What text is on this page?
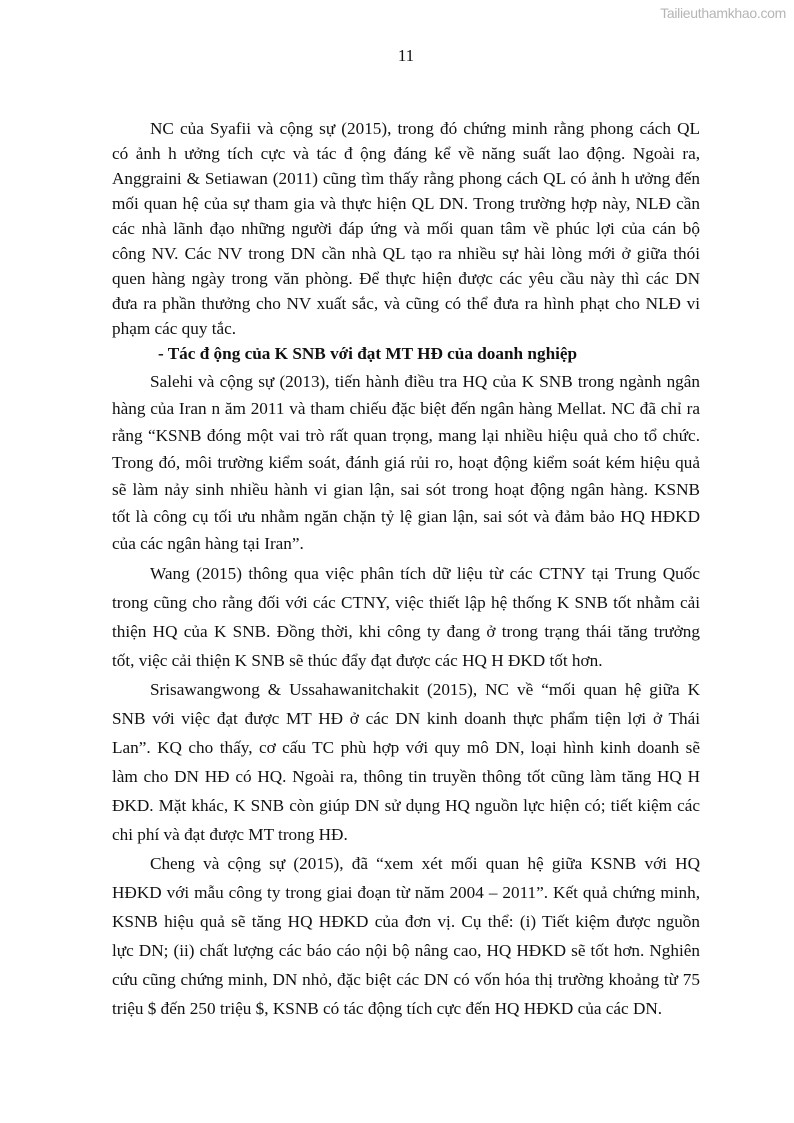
Tailieuthamkhao.com
11
NC của Syafii và cộng sự (2015), trong đó chứng minh rằng phong cách QL
có ảnh h ưởng tích cực và tác đ ộng đáng kể về năng suất lao động. Ngoài ra,
Anggraini & Setiawan (2011) cũng tìm thấy rằng phong cách QL có ảnh h ưởng đến
mối quan hệ của sự tham gia và thực hiện QL DN. Trong trường hợp này, NLĐ cần
các nhà lãnh đạo những người đáp ứng và mối quan tâm về phúc lợi của cán bộ
công NV. Các NV trong DN cần nhà QL tạo ra nhiều sự hài lòng mới ở giữa thói
quen hàng ngày trong văn phòng. Để thực hiện được các yêu cầu này thì các DN
đưa ra phần thưởng cho NV xuất sắc, và cũng có thể đưa ra hình phạt cho NLĐ vi
phạm các quy tắc.
- Tác đ ộng của K SNB với đạt MT HĐ của doanh nghiệp
Salehi và cộng sự (2013), tiến hành điều tra HQ của K SNB trong ngành ngân
hàng của Iran n ăm 2011 và tham chiếu đặc biệt đến ngân hàng Mellat. NC đã chỉ ra
rằng “KSNB đóng một vai trò rất quan trọng, mang lại nhiều hiệu quả cho tổ chức.
Trong đó, môi trường kiểm soát, đánh giá rủi ro, hoạt động kiểm soát kém hiệu quả
sẽ làm nảy sinh nhiều hành vi gian lận, sai sót trong hoạt động ngân hàng. KSNB
tốt là công cụ tối ưu nhằm ngăn chặn tỷ lệ gian lận, sai sót và đảm bảo HQ HĐKD
của các ngân hàng tại Iran”.
Wang (2015) thông qua việc phân tích dữ liệu từ các CTNY tại Trung Quốc
trong cũng cho rằng đối với các CTNY, việc thiết lập hệ thống K SNB tốt nhằm cải
thiện HQ của K SNB. Đồng thời, khi công ty đang ở trong trạng thái tăng trưởng
tốt, việc cải thiện K SNB sẽ thúc đẩy đạt được các HQ H ĐKD tốt hơn.
Srisawangwong & Ussahawanitchakit (2015), NC về “mối quan hệ giữa K
SNB với việc đạt được MT HĐ ở các DN kinh doanh thực phẩm tiện lợi ở Thái
Lan”. KQ cho thấy, cơ cấu TC phù hợp với quy mô DN, loại hình kinh doanh sẽ
làm cho DN HĐ có HQ. Ngoài ra, thông tin truyền thông tốt cũng làm tăng HQ H
ĐKD. Mặt khác, K SNB còn giúp DN sử dụng HQ nguồn lực hiện có; tiết kiệm các
chi phí và đạt được MT trong HĐ.
Cheng và cộng sự (2015), đã “xem xét mối quan hệ giữa KSNB với HQ
HĐKD với mẫu công ty trong giai đoạn từ năm 2004 – 2011”. Kết quả chứng minh,
KSNB hiệu quả sẽ tăng HQ HĐKD của đơn vị. Cụ thể: (i) Tiết kiệm được nguồn
lực DN; (ii) chất lượng các báo cáo nội bộ nâng cao, HQ HĐKD sẽ tốt hơn. Nghiên
cứu cũng chứng minh, DN nhỏ, đặc biệt các DN có vốn hóa thị trường khoảng từ 75
triệu $ đến 250 triệu $, KSNB có tác động tích cực đến HQ HĐKD của các DN.
